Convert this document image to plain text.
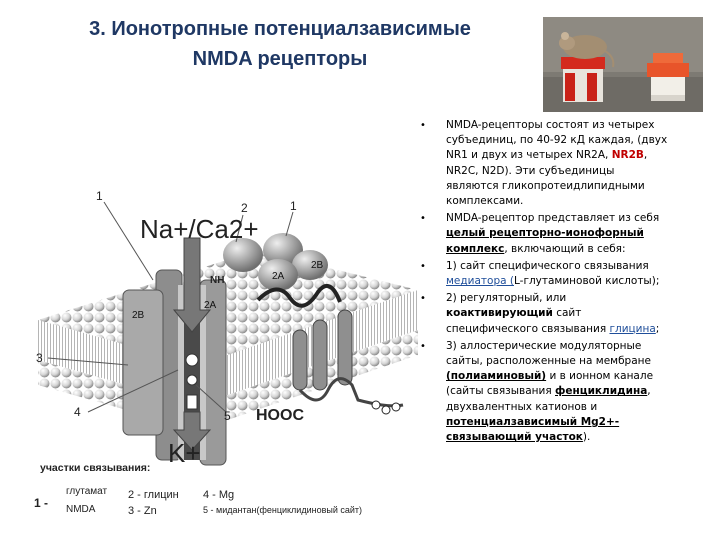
3. Ионотропные потенциалзависимые
NMDA рецепторы
Na+/Ca2+
K+
HOOC
NH
2B
2A
2B
2A
1
2	1
3
4	5
участки связывания:
1 -
глутамат
NMDA
2 - глицин
3 - Zn
4 - Mg
5 - мидантан(фенциклидиновый сайт)
• NMDA-рецепторы состоят из четырех
субъединиц, по 40-92 кД каждая, (двух
NR1 и двух из четырех NR2A, NR2B,
NR2C, N2D). Эти субъединицы
являются гликопротеидлипидными
комплексами.
• NMDA-рецептор представляет из себя
целый рецепторно-ионофорный
комплекс, включающий в себя:
• 1) сайт специфического связывания
медиатора (L-глутаминовой кислоты);
• 2) регуляторный, или
коактивирующий сайт
специфического связывания глицина;
• 3) аллостерические модуляторные
сайты, расположенные на мембране
(полиаминовый) и в ионном канале
(сайты связывания фенциклидина,
двухвалентных катионов и
потенциалзависимый Mg2+-
связывающий участок).
